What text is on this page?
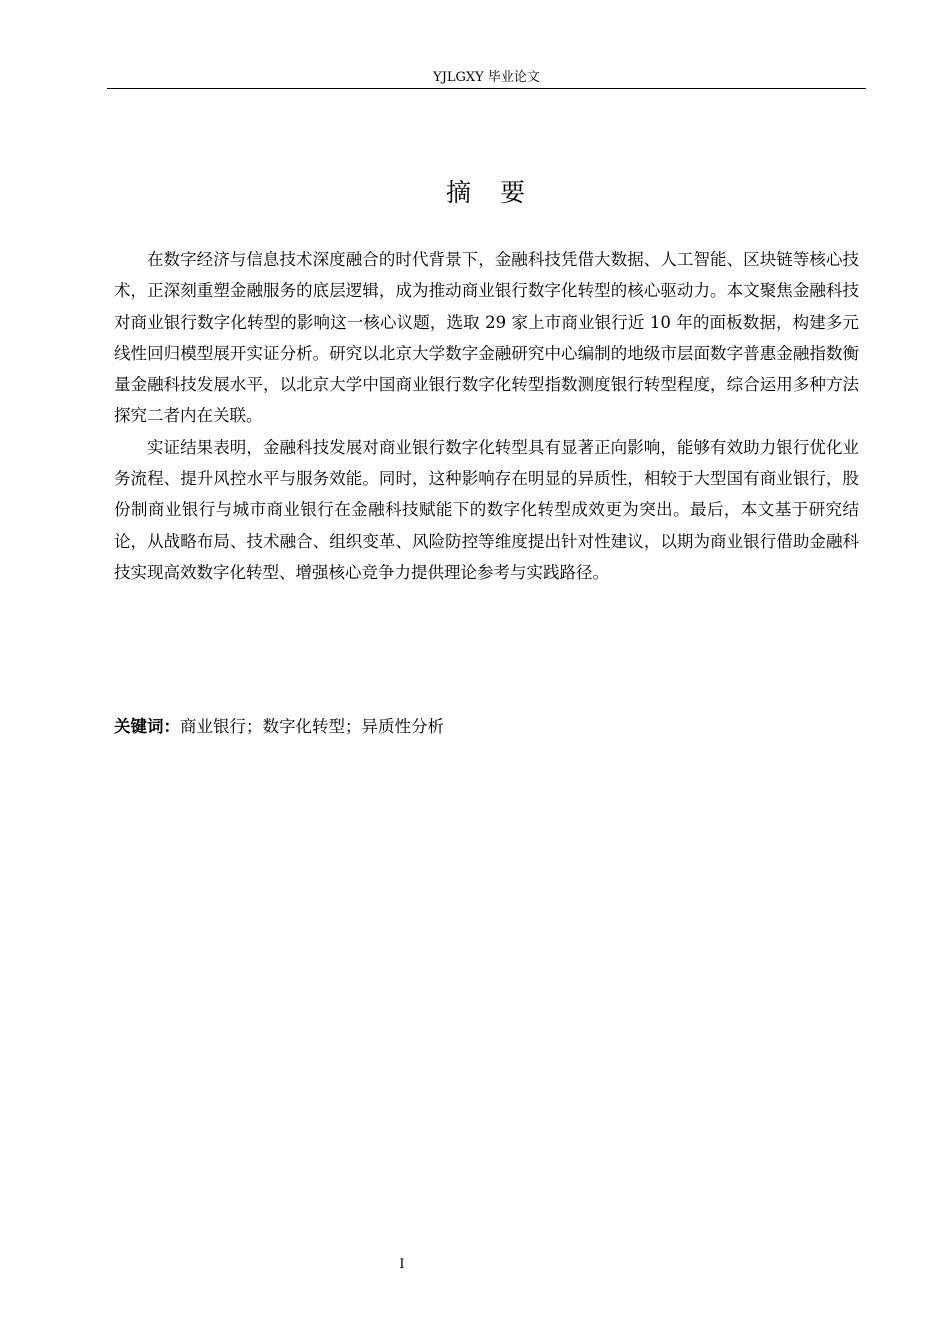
YJLGXY 毕业论文
摘　要

在数字经济与信息技术深度融合的时代背景下，金融科技凭借大数据、人工智能、区块链等核心技术，正深刻重塑金融服务的底层逻辑，成为推动商业银行数字化转型的核心驱动力。本文聚焦金融科技对商业银行数字化转型的影响这一核心议题，选取 29 家上市商业银行近 10 年的面板数据，构建多元线性回归模型展开实证分析。研究以北京大学数字金融研究中心编制的地级市层面数字普惠金融指数衡量金融科技发展水平，以北京大学中国商业银行数字化转型指数测度银行转型程度，综合运用多种方法探究二者内在关联。

实证结果表明，金融科技发展对商业银行数字化转型具有显著正向影响，能够有效助力银行优化业务流程、提升风控水平与服务效能。同时，这种影响存在明显的异质性，相较于大型国有商业银行，股份制商业银行与城市商业银行在金融科技赋能下的数字化转型成效更为突出。最后，本文基于研究结论，从战略布局、技术融合、组织变革、风险防控等维度提出针对性建议，以期为商业银行借助金融科技实现高效数字化转型、增强核心竞争力提供理论参考与实践路径。

关键词：商业银行；数字化转型；异质性分析
I
